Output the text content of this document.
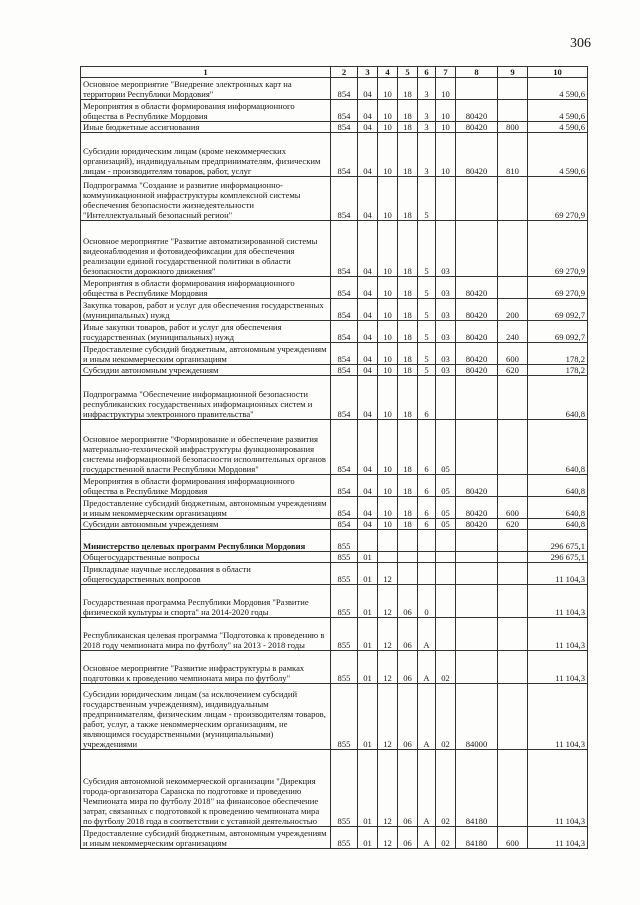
306
1	2	3	4	5	6	7	8	9	10
Основное мероприятие "Внедрение электронных карт на территории Республики Мордовия"	854	04	10	18	3	10			4 590,6
Мероприятия в области формирования информационного общества в Республике Мордовия	854	04	10	18	3	10	80420		4 590,6
Иные бюджетные ассигнования	854	04	10	18	3	10	80420	800	4 590,6
Субсидии юридическим лицам (кроме некоммерческих организаций), индивидуальным предпринимателям, физическим лицам - производителям товаров, работ, услуг	854	04	10	18	3	10	80420	810	4 590,6
Подпрограмма "Создание и развитие информационно-коммуникационной инфраструктуры комплексной системы обеспечения безопасности жизнедеятельности "Интеллектуальный безопасный регион"	854	04	10	18	5				69 270,9
Основное мероприятие "Развитие автоматизированной системы видеонаблюдения и фотовидеофиксации для обеспечения реализации единой государственной политики в области безопасности дорожного движения"	854	04	10	18	5	03			69 270,9
Мероприятия в области формирования информационного общества в Республике Мордовия	854	04	10	18	5	03	80420		69 270,9
Закупка товаров, работ и услуг для обеспечения государственных (муниципальных) нужд	854	04	10	18	5	03	80420	200	69 092,7
Иные закупки товаров, работ и услуг для обеспечения государственных (муниципальных) нужд	854	04	10	18	5	03	80420	240	69 092,7
Предоставление субсидий бюджетным, автономным учреждениям и иным некоммерческим организациям	854	04	10	18	5	03	80420	600	178,2
Субсидии автономным учреждениям	854	04	10	18	5	03	80420	620	178,2
Подпрограмма "Обеспечение информационной безопасности республиканских государственных информационных систем и инфраструктуры электронного правительства"	854	04	10	18	6				640,8
Основное мероприятие "Формирование и обеспечение развития материально-технической инфраструктуры функционирования системы информационной безопасности исполнительных органов государственной власти Республики Мордовия"	854	04	10	18	6	05			640,8
Мероприятия в области формирования информационного общества в Республике Мордовия	854	04	10	18	6	05	80420		640,8
Предоставление субсидий бюджетным, автономным учреждениям и иным некоммерческим организациям	854	04	10	18	6	05	80420	600	640,8
Субсидии автономным учреждениям	854	04	10	18	6	05	80420	620	640,8
Министерство целевых программ Республики Мордовия	855								296 675,1
Общегосударственные вопросы	855	01							296 675,1
Прикладные научные исследования в области общегосударственных вопросов	855	01	12						11 104,3
Государственная программа Республики Мордовия "Развитие физической культуры и спорта" на 2014-2020 годы	855	01	12	06	0				11 104,3
Республиканская целевая программа "Подготовка к проведению в 2018 году чемпионата мира по футболу" на 2013 - 2018 годы	855	01	12	06	А				11 104,3
Основное мероприятие "Развитие инфраструктуры в рамках подготовки к проведению чемпионата мира по футболу"	855	01	12	06	А	02			11 104,3
Субсидии юридическим лицам (за исключением субсидий государственным учреждениям), индивидуальным предпринимателям, физическим лицам - производителям товаров, работ, услуг, а также некоммерческим организациям, не являющимся государственными (муниципальными) учреждениями	855	01	12	06	А	02	84000		11 104,3
Субсидия автономной некоммерческой организации "Дирекция города-организатора Саранска по подготовке и проведению Чемпионата мира по футболу 2018" на финансовое обеспечение затрат, связанных с подготовкой к проведению чемпионата мира по футболу 2018 года в соответствии с уставной деятельностью	855	01	12	06	А	02	84180		11 104,3
Предоставление субсидий бюджетным, автономным учреждениям и иным некоммерческим организациям	855	01	12	06	А	02	84180	600	11 104,3
